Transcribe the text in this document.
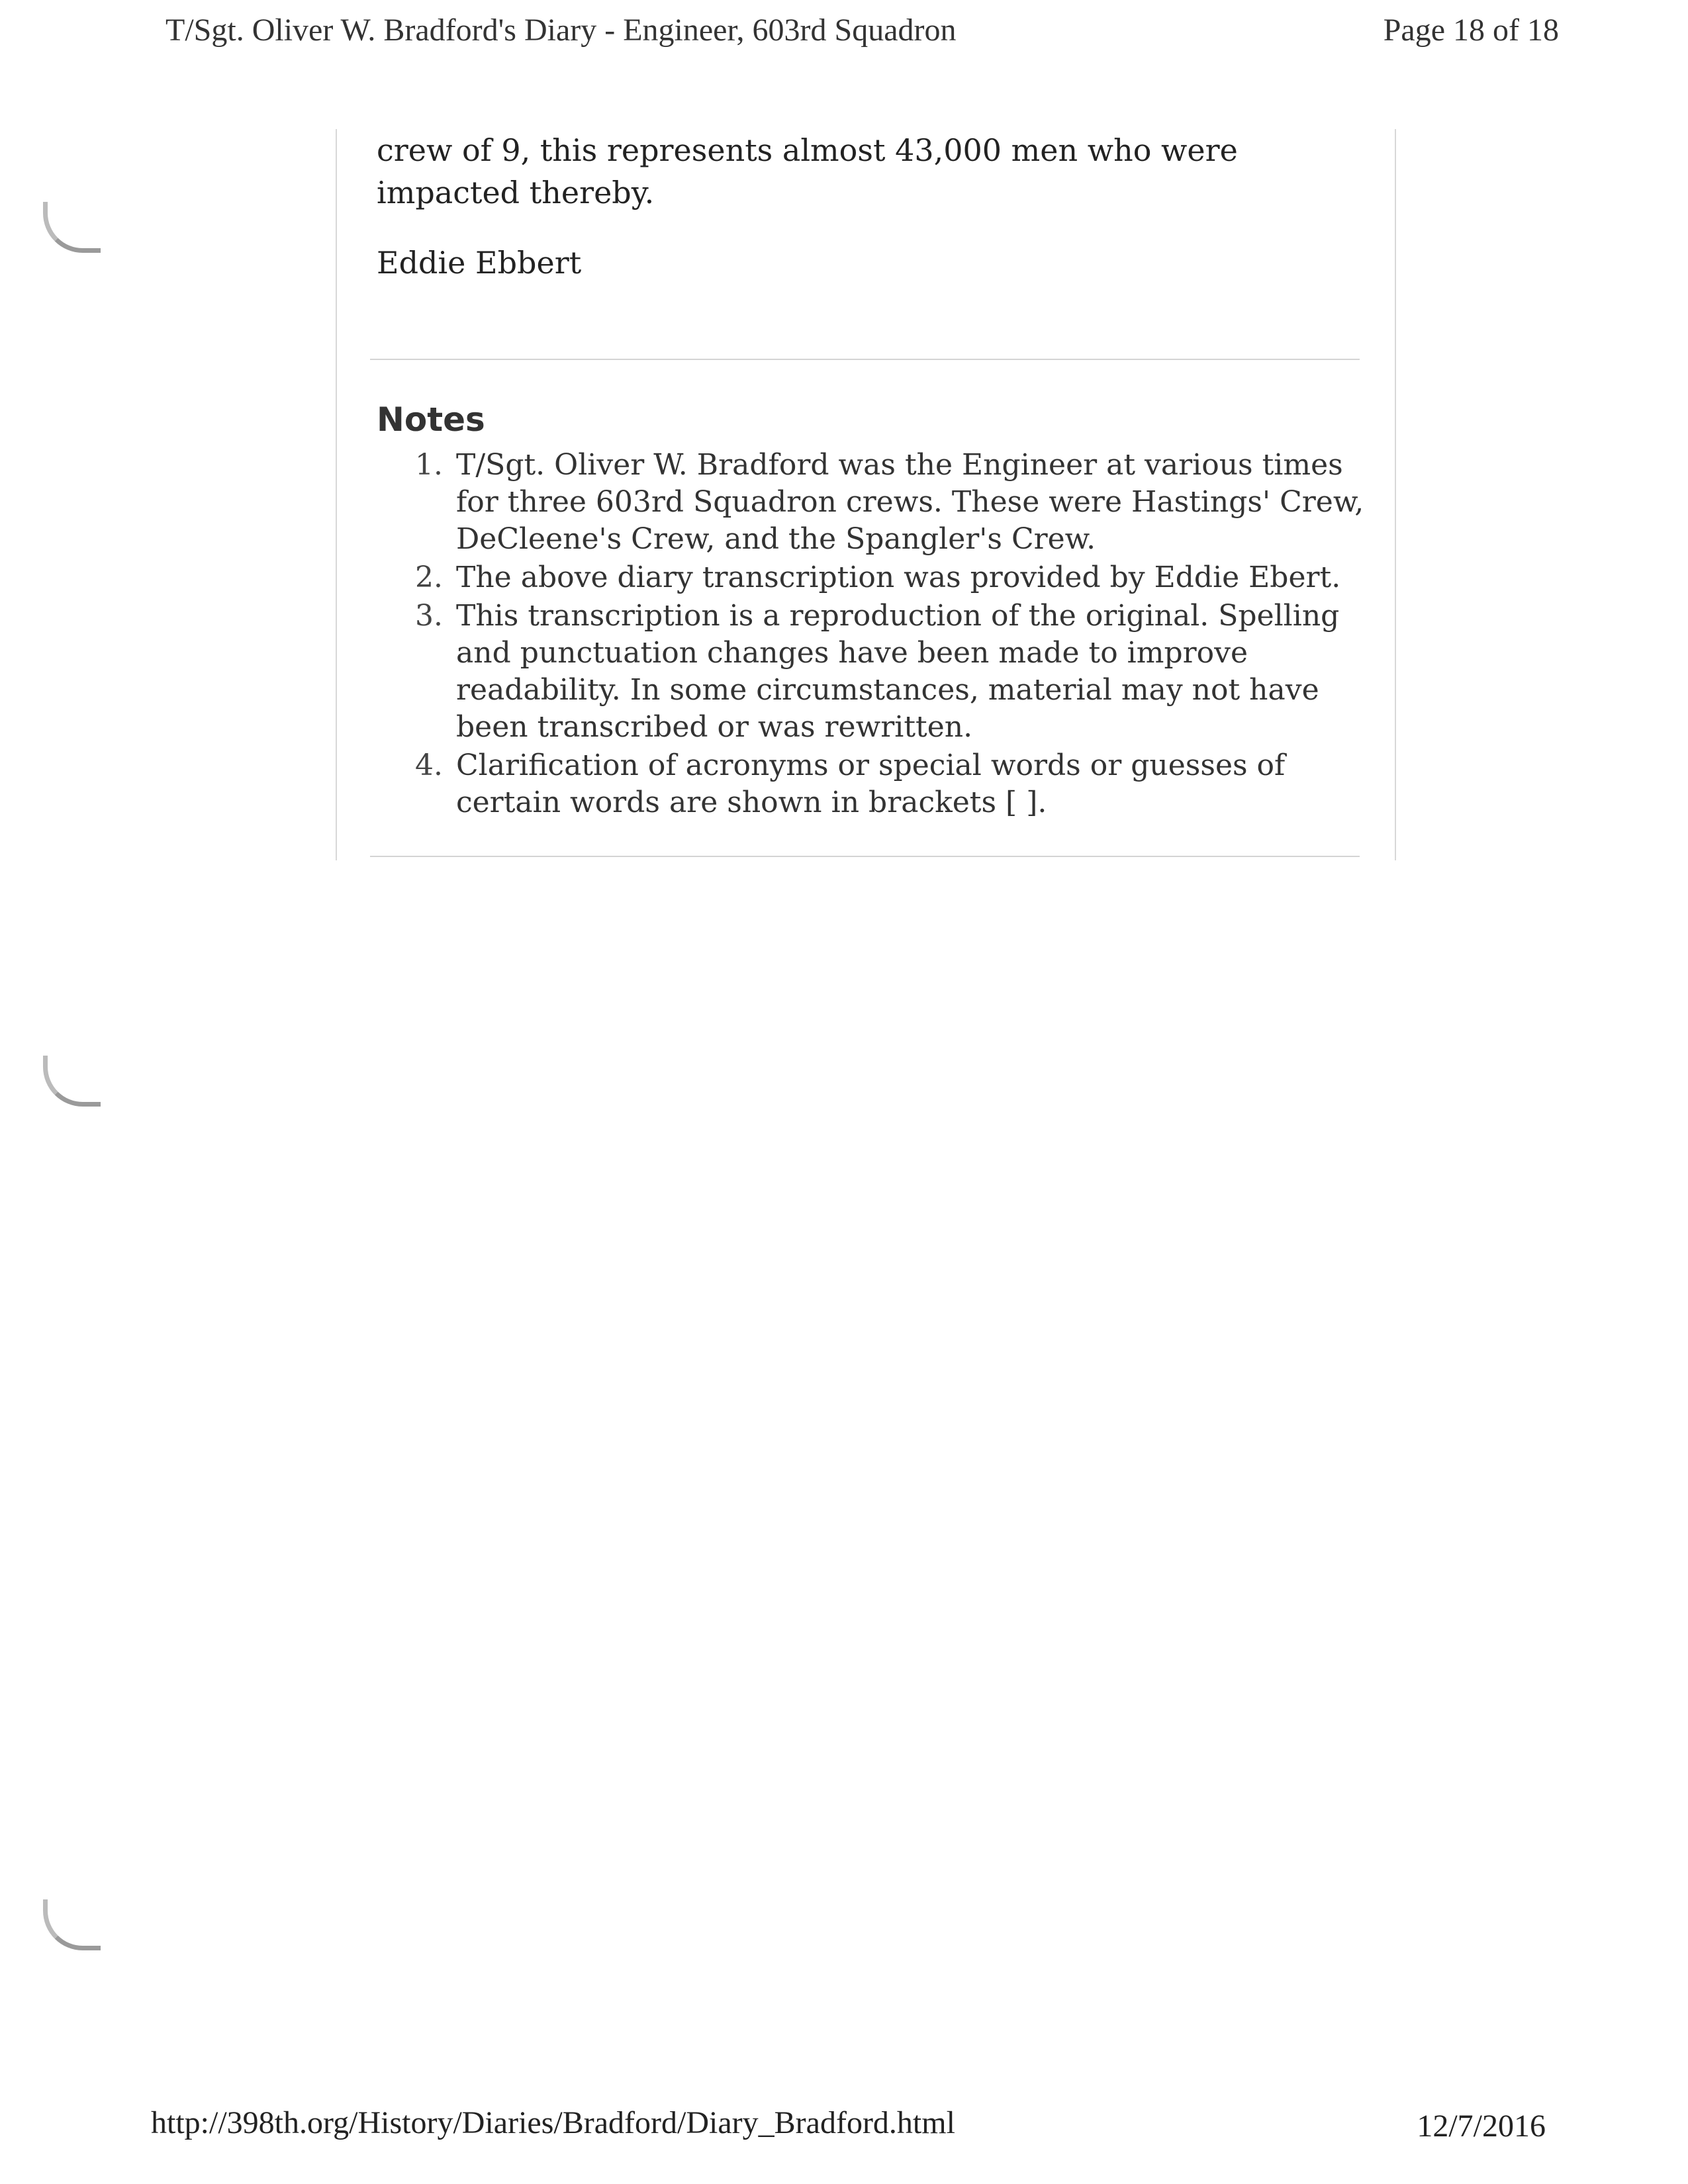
T/Sgt. Oliver W. Bradford's Diary - Engineer, 603rd Squadron	Page 18 of 18
crew of 9, this represents almost 43,000 men who were impacted thereby.
Eddie Ebbert
Notes
1. T/Sgt. Oliver W. Bradford was the Engineer at various times for three 603rd Squadron crews. These were Hastings' Crew, DeCleene's Crew, and the Spangler's Crew.
2. The above diary transcription was provided by Eddie Ebert.
3. This transcription is a reproduction of the original. Spelling and punctuation changes have been made to improve readability. In some circumstances, material may not have been transcribed or was rewritten.
4. Clarification of acronyms or special words or guesses of certain words are shown in brackets [ ].
http://398th.org/History/Diaries/Bradford/Diary_Bradford.html	12/7/2016
